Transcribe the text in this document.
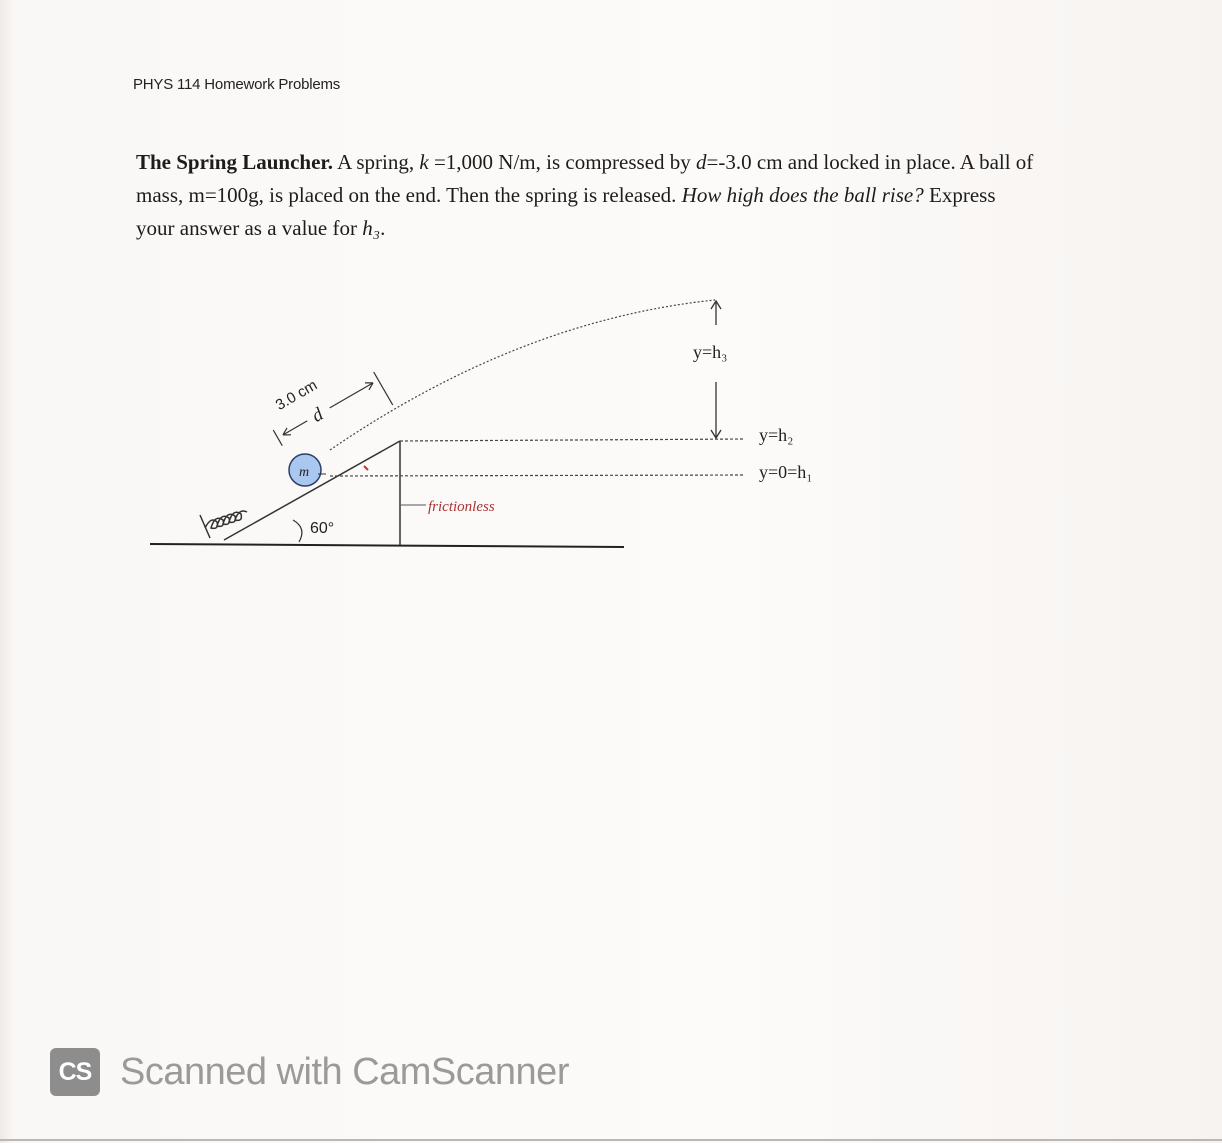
PHYS 114 Homework Problems
The Spring Launcher. A spring, k =1,000 N/m, is compressed by d=-3.0 cm and locked in place. A ball of mass, m=100g, is placed on the end. Then the spring is released. How high does the ball rise? Express your answer as a value for h₃.
m
60°
3.0 cm
d
y=h₃
y=h₂
y=0=h₁
frictionless
CS Scanned with CamScanner
